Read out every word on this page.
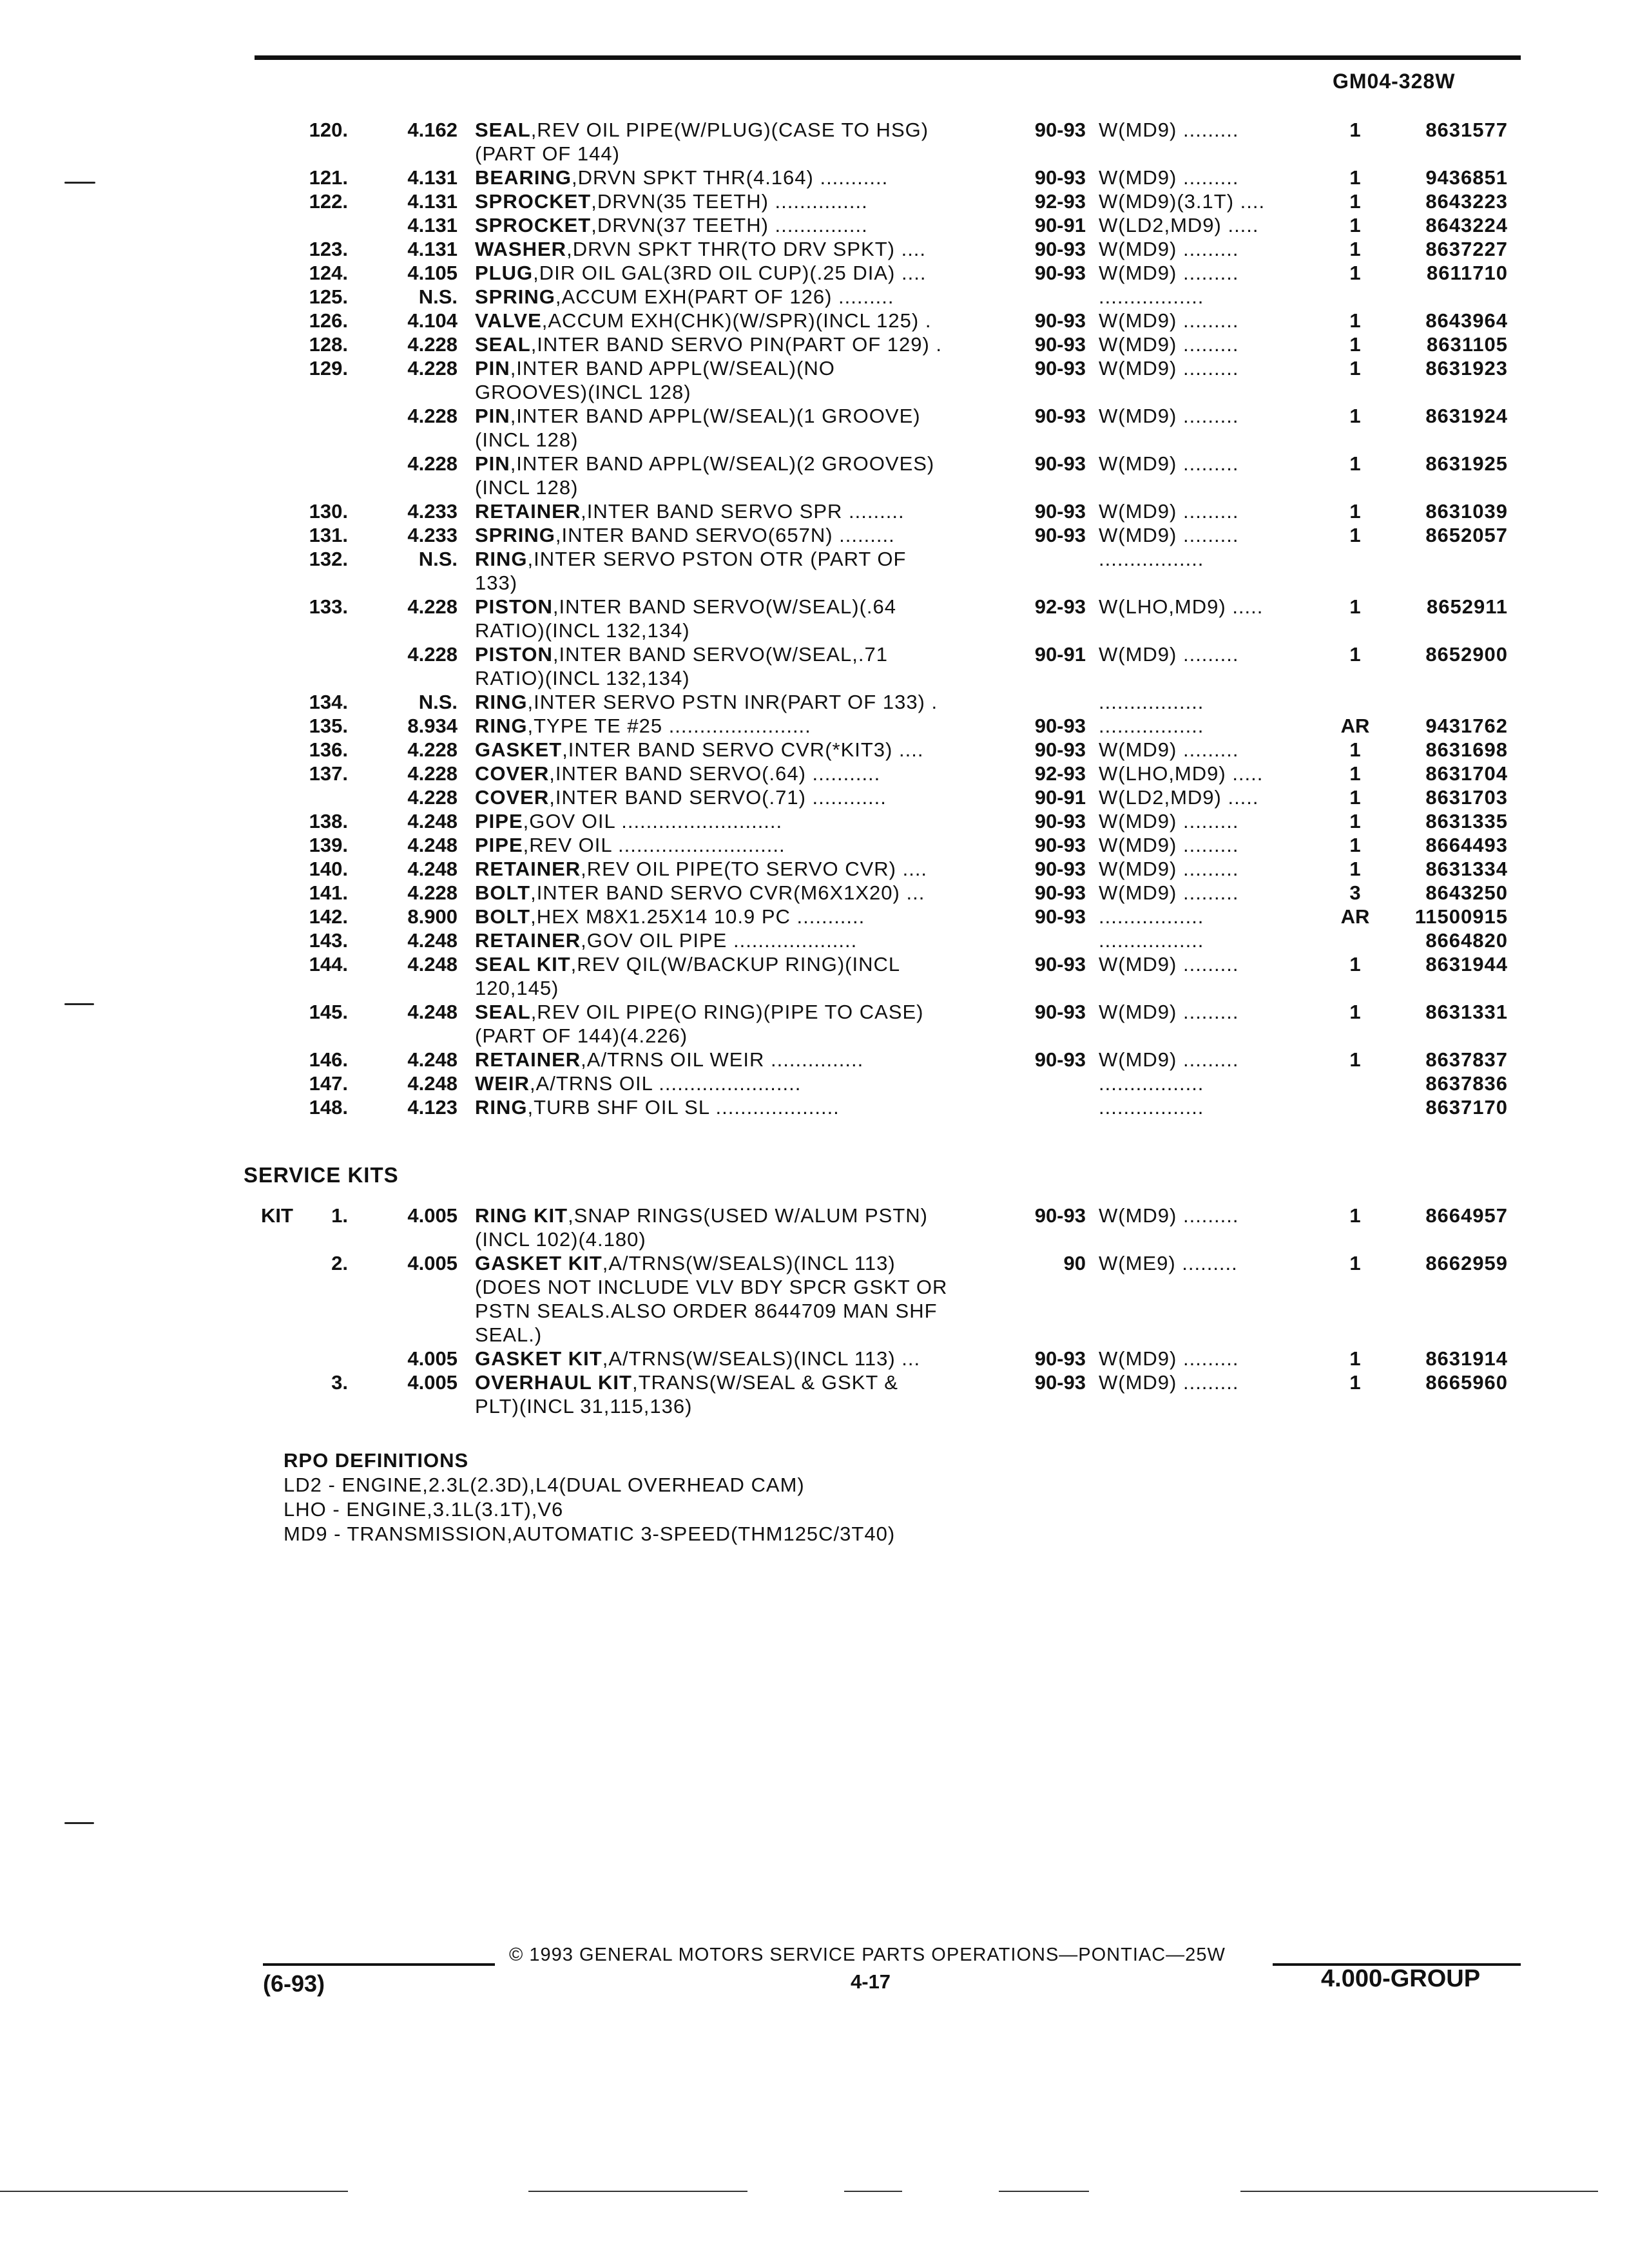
GM04-328W
120.	4.162 SEAL,REV OIL PIPE(W/PLUG)(CASE TO HSG)	90-93 W(MD9) .........	1	8631577
(PART OF 144)
121.	4.131 BEARING,DRVN SPKT THR(4.164) ...........	90-93 W(MD9) .........	1	9436851
122.	4.131 SPROCKET,DRVN(35 TEETH) ...............	92-93 W(MD9)(3.1T) ....	1	8643223
4.131 SPROCKET,DRVN(37 TEETH) ...............	90-91 W(LD2,MD9) .....	1	8643224
123.	4.131 WASHER,DRVN SPKT THR(TO DRV SPKT) ....	90-93 W(MD9) .........	1	8637227
124.	4.105 PLUG,DIR OIL GAL(3RD OIL CUP)(.25 DIA) ....	90-93 W(MD9) .........	1	8611710
125.	N.S. SPRING,ACCUM EXH(PART OF 126) .........	.................
126.	4.104 VALVE,ACCUM EXH(CHK)(W/SPR)(INCL 125) .	90-93 W(MD9) .........	1	8643964
128.	4.228 SEAL,INTER BAND SERVO PIN(PART OF 129) .	90-93 W(MD9) .........	1	8631105
129.	4.228 PIN,INTER BAND APPL(W/SEAL)(NO	90-93 W(MD9) .........	1	8631923
GROOVES)(INCL 128)
4.228 PIN,INTER BAND APPL(W/SEAL)(1 GROOVE)	90-93 W(MD9) .........	1	8631924
(INCL 128)
4.228 PIN,INTER BAND APPL(W/SEAL)(2 GROOVES)	90-93 W(MD9) .........	1	8631925
(INCL 128)
130.	4.233 RETAINER,INTER BAND SERVO SPR .........	90-93 W(MD9) .........	1	8631039
131.	4.233 SPRING,INTER BAND SERVO(657N) .........	90-93 W(MD9) .........	1	8652057
132.	N.S. RING,INTER SERVO PSTON OTR (PART OF	.................
133)
133.	4.228 PISTON,INTER BAND SERVO(W/SEAL)(.64	92-93 W(LHO,MD9) .....	1	8652911
RATIO)(INCL 132,134)
4.228 PISTON,INTER BAND SERVO(W/SEAL,.71	90-91 W(MD9) .........	1	8652900
RATIO)(INCL 132,134)
134.	N.S. RING,INTER SERVO PSTN INR(PART OF 133) .	.................
135.	8.934 RING,TYPE TE #25 .......................	90-93 .................	AR	9431762
136.	4.228 GASKET,INTER BAND SERVO CVR(*KIT3) ....	90-93 W(MD9) .........	1	8631698
137.	4.228 COVER,INTER BAND SERVO(.64) ...........	92-93 W(LHO,MD9) .....	1	8631704
4.228 COVER,INTER BAND SERVO(.71) ............	90-91 W(LD2,MD9) .....	1	8631703
138.	4.248 PIPE,GOV OIL ..........................	90-93 W(MD9) .........	1	8631335
139.	4.248 PIPE,REV OIL ...........................	90-93 W(MD9) .........	1	8664493
140.	4.248 RETAINER,REV OIL PIPE(TO SERVO CVR) ....	90-93 W(MD9) .........	1	8631334
141.	4.228 BOLT,INTER BAND SERVO CVR(M6X1X20) ...	90-93 W(MD9) .........	3	8643250
142.	8.900 BOLT,HEX M8X1.25X14 10.9 PC ...........	90-93 .................	AR	11500915
143.	4.248 RETAINER,GOV OIL PIPE ....................	.................	8664820
144.	4.248 SEAL KIT,REV QIL(W/BACKUP RING)(INCL	90-93 W(MD9) .........	1	8631944
120,145)
145.	4.248 SEAL,REV OIL PIPE(O RING)(PIPE TO CASE)	90-93 W(MD9) .........	1	8631331
(PART OF 144)(4.226)
146.	4.248 RETAINER,A/TRNS OIL WEIR ...............	90-93 W(MD9) .........	1	8637837
147.	4.248 WEIR,A/TRNS OIL .......................	.................	8637836
148.	4.123 RING,TURB SHF OIL SL ....................	.................	8637170
SERVICE KITS
KIT	1.	4.005 RING KIT,SNAP RINGS(USED W/ALUM PSTN)	90-93 W(MD9) .........	1	8664957
(INCL 102)(4.180)
2.	4.005 GASKET KIT,A/TRNS(W/SEALS)(INCL 113)	90 W(ME9) .........	1	8662959
(DOES NOT INCLUDE VLV BDY SPCR GSKT OR
PSTN SEALS.ALSO ORDER 8644709 MAN SHF
SEAL.)
4.005 GASKET KIT,A/TRNS(W/SEALS)(INCL 113) ...	90-93 W(MD9) .........	1	8631914
3.	4.005 OVERHAUL KIT,TRANS(W/SEAL & GSKT &	90-93 W(MD9) .........	1	8665960
PLT)(INCL 31,115,136)
RPO DEFINITIONS
LD2 - ENGINE,2.3L(2.3D),L4(DUAL OVERHEAD CAM)
LHO - ENGINE,3.1L(3.1T),V6
MD9 - TRANSMISSION,AUTOMATIC 3-SPEED(THM125C/3T40)
© 1993 GENERAL MOTORS SERVICE PARTS OPERATIONS—PONTIAC—25W
(6-93)	4-17	4.000-GROUP
